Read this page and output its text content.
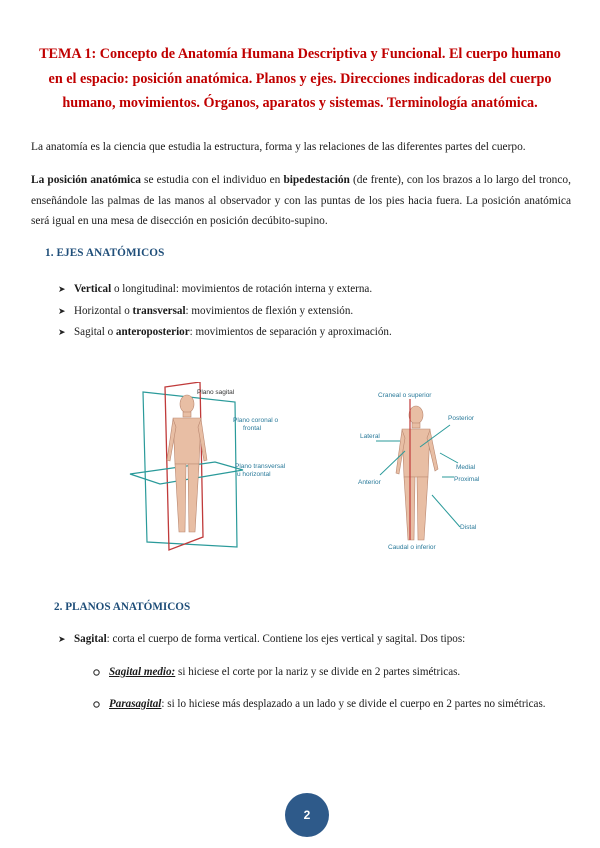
TEMA 1: Concepto de Anatomía Humana Descriptiva y Funcional. El cuerpo humano
en el espacio: posición anatómica. Planos y ejes. Direcciones indicadoras del cuerpo
humano, movimientos. Órganos, aparatos y sistemas. Terminología anatómica.
La anatomía es la ciencia que estudia la estructura, forma y las relaciones de las diferentes partes del cuerpo.
La posición anatómica se estudia con el individuo en bipedestación (de frente), con los brazos a lo largo del tronco, enseñándole las palmas de las manos al observador y con las puntas de los pies hacia fuera. La posición anatómica será igual en una mesa de disección en posición decúbito-supino.
1. EJES ANATÓMICOS
➤ Vertical o longitudinal: movimientos de rotación interna y externa.
➤ Horizontal o transversal: movimientos de flexión y extensión.
➤ Sagital o anteroposterior: movimientos de separación y aproximación.
Plano sagital
Plano coronal o
frontal
Plano transversal
u horizontal
Craneal o superior
Posterior
Lateral
Medial
Anterior	Proximal
Distal
Caudal o inferior
2. PLANOS ANATÓMICOS
➤ Sagital: corta el cuerpo de forma vertical. Contiene los ejes vertical y sagital. Dos tipos:
Sagital medio: si hiciese el corte por la nariz y se divide en 2 partes simétricas.
Parasagital: si lo hiciese más desplazado a un lado y se divide el cuerpo en 2 partes no simétricas.
2
